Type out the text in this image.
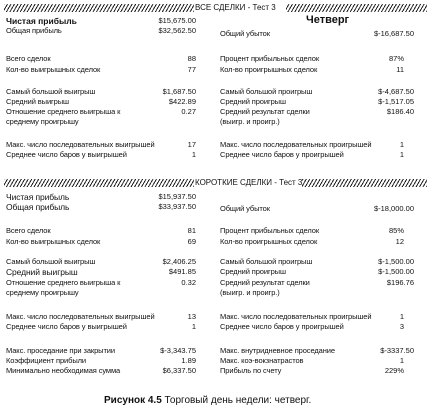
ВСЕ СДЕЛКИ - Тест 3
Чистая прибыль	$15,675.00
Общая прибыль	$32,562.50
Всего сделок	88
Кол-во выигрышных сделок	77
Самый большой выигрыш	$1,687.50
Средний выигрыш	$422.89
Отношение среднего выигрыша к	0.27
среднему проигрышу
Макс. число последовательных выигрышей	17
Среднее число баров у выигрышей	1
Четверг
Общий убыток	$-16,687.50
Процент прибыльных сделок	87%
Кол-во проигрышных сделок	11
Самый большой проигрыш	$-4,687.50
Средний проигрыш	$-1,517.05
Средний результат сделки	$186.40
(выигр. и проигр.)
Макс. число последовательных проигрышей	1
Среднее число баров у проигрышей	1
КОРОТКИЕ СДЕЛКИ - Тест 3
Чистая прибыль	$15,937.50
Общая прибыль	$33,937.50
Всего сделок	81
Кол-во выигрышных сделок	69
Самый большой выигрыш	$2,406.25
Средний выигрыш	$491.85
Отношение среднего выигрыша к	0.32
среднему проигрышу
Макс. число последовательных выигрышей	13
Среднее число баров у выигрышей	1
Макс. проседание при закрытии	$-3,343.75
Коэффициент прибыли	1.89
Минимально необходимая сумма	$6,337.50
Общий убыток	$-18,000.00
Процент прибыльных сделок	85%
Кол-во проигрышных сделок	12
Самый большой проигрыш	$-1,500.00
Средний проигрыш	$-1,500.00
Средний результат сделки	$196.76
(выигр. и проигр.)
Макс. число последовательных проигрышей	1
Среднее число баров у проигрышей	3
Макс. внутридневное проседание	$-3337.50
Макс. коэ-вокзнатрастов	1
Прибыль по счету	229%
Рисунок 4.5 Торговый день недели: четверг.
